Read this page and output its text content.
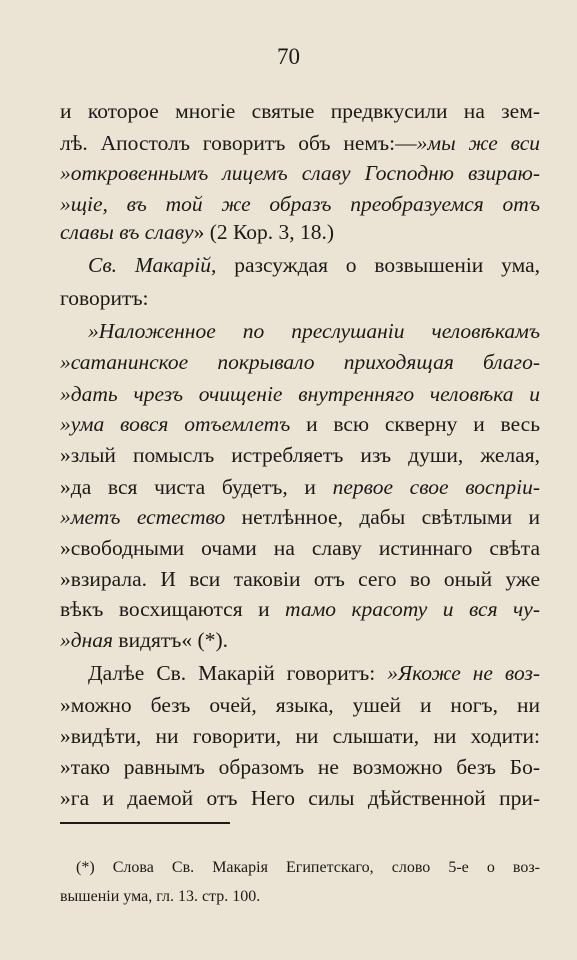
70
и которое многіе святые предвкусили на зем-
лѣ. Апостолъ говоритъ объ немъ:—»мы же вси
»откровеннымъ лицемъ славу Господню взираю-
»щіе, въ той же образъ преобразуемся отъ
славы въ славу» (2 Кор. 3, 18.)
Св. Макарій, разсуждая о возвышеніи ума,
говоритъ:
»Наложенное по преслушаніи человѣкамъ
»сатанинское покрывало приходящая благо-
»дать чрезъ очищеніе внутренняго человѣка и
»ума вовся отъемлетъ и всю скверну и весь
»злый помыслъ истребляетъ изъ души, желая,
»да вся чиста будетъ, и первое свое воспріи-
»метъ естество нетлѣнное, дабы свѣтлыми и
»свободными очами на славу истиннаго свѣта
»взирала. И вси таковіи отъ сего во оный уже
вѣкъ восхищаются и тамо красоту и вся чу-
»дная видятъ« (*).
Далѣе Св. Макарій говоритъ: »Якоже не воз-
»можно безъ очей, языка, ушей и ногъ, ни
»видѣти, ни говорити, ни слышати, ни ходити:
»тако равнымъ образомъ не возможно безъ Бо-
»га и даемой отъ Него силы дѣйственной при-
(*) Слова Св. Макарія Египетскаго, слово 5-е о воз-
вышеніи ума, гл. 13. стр. 100.
